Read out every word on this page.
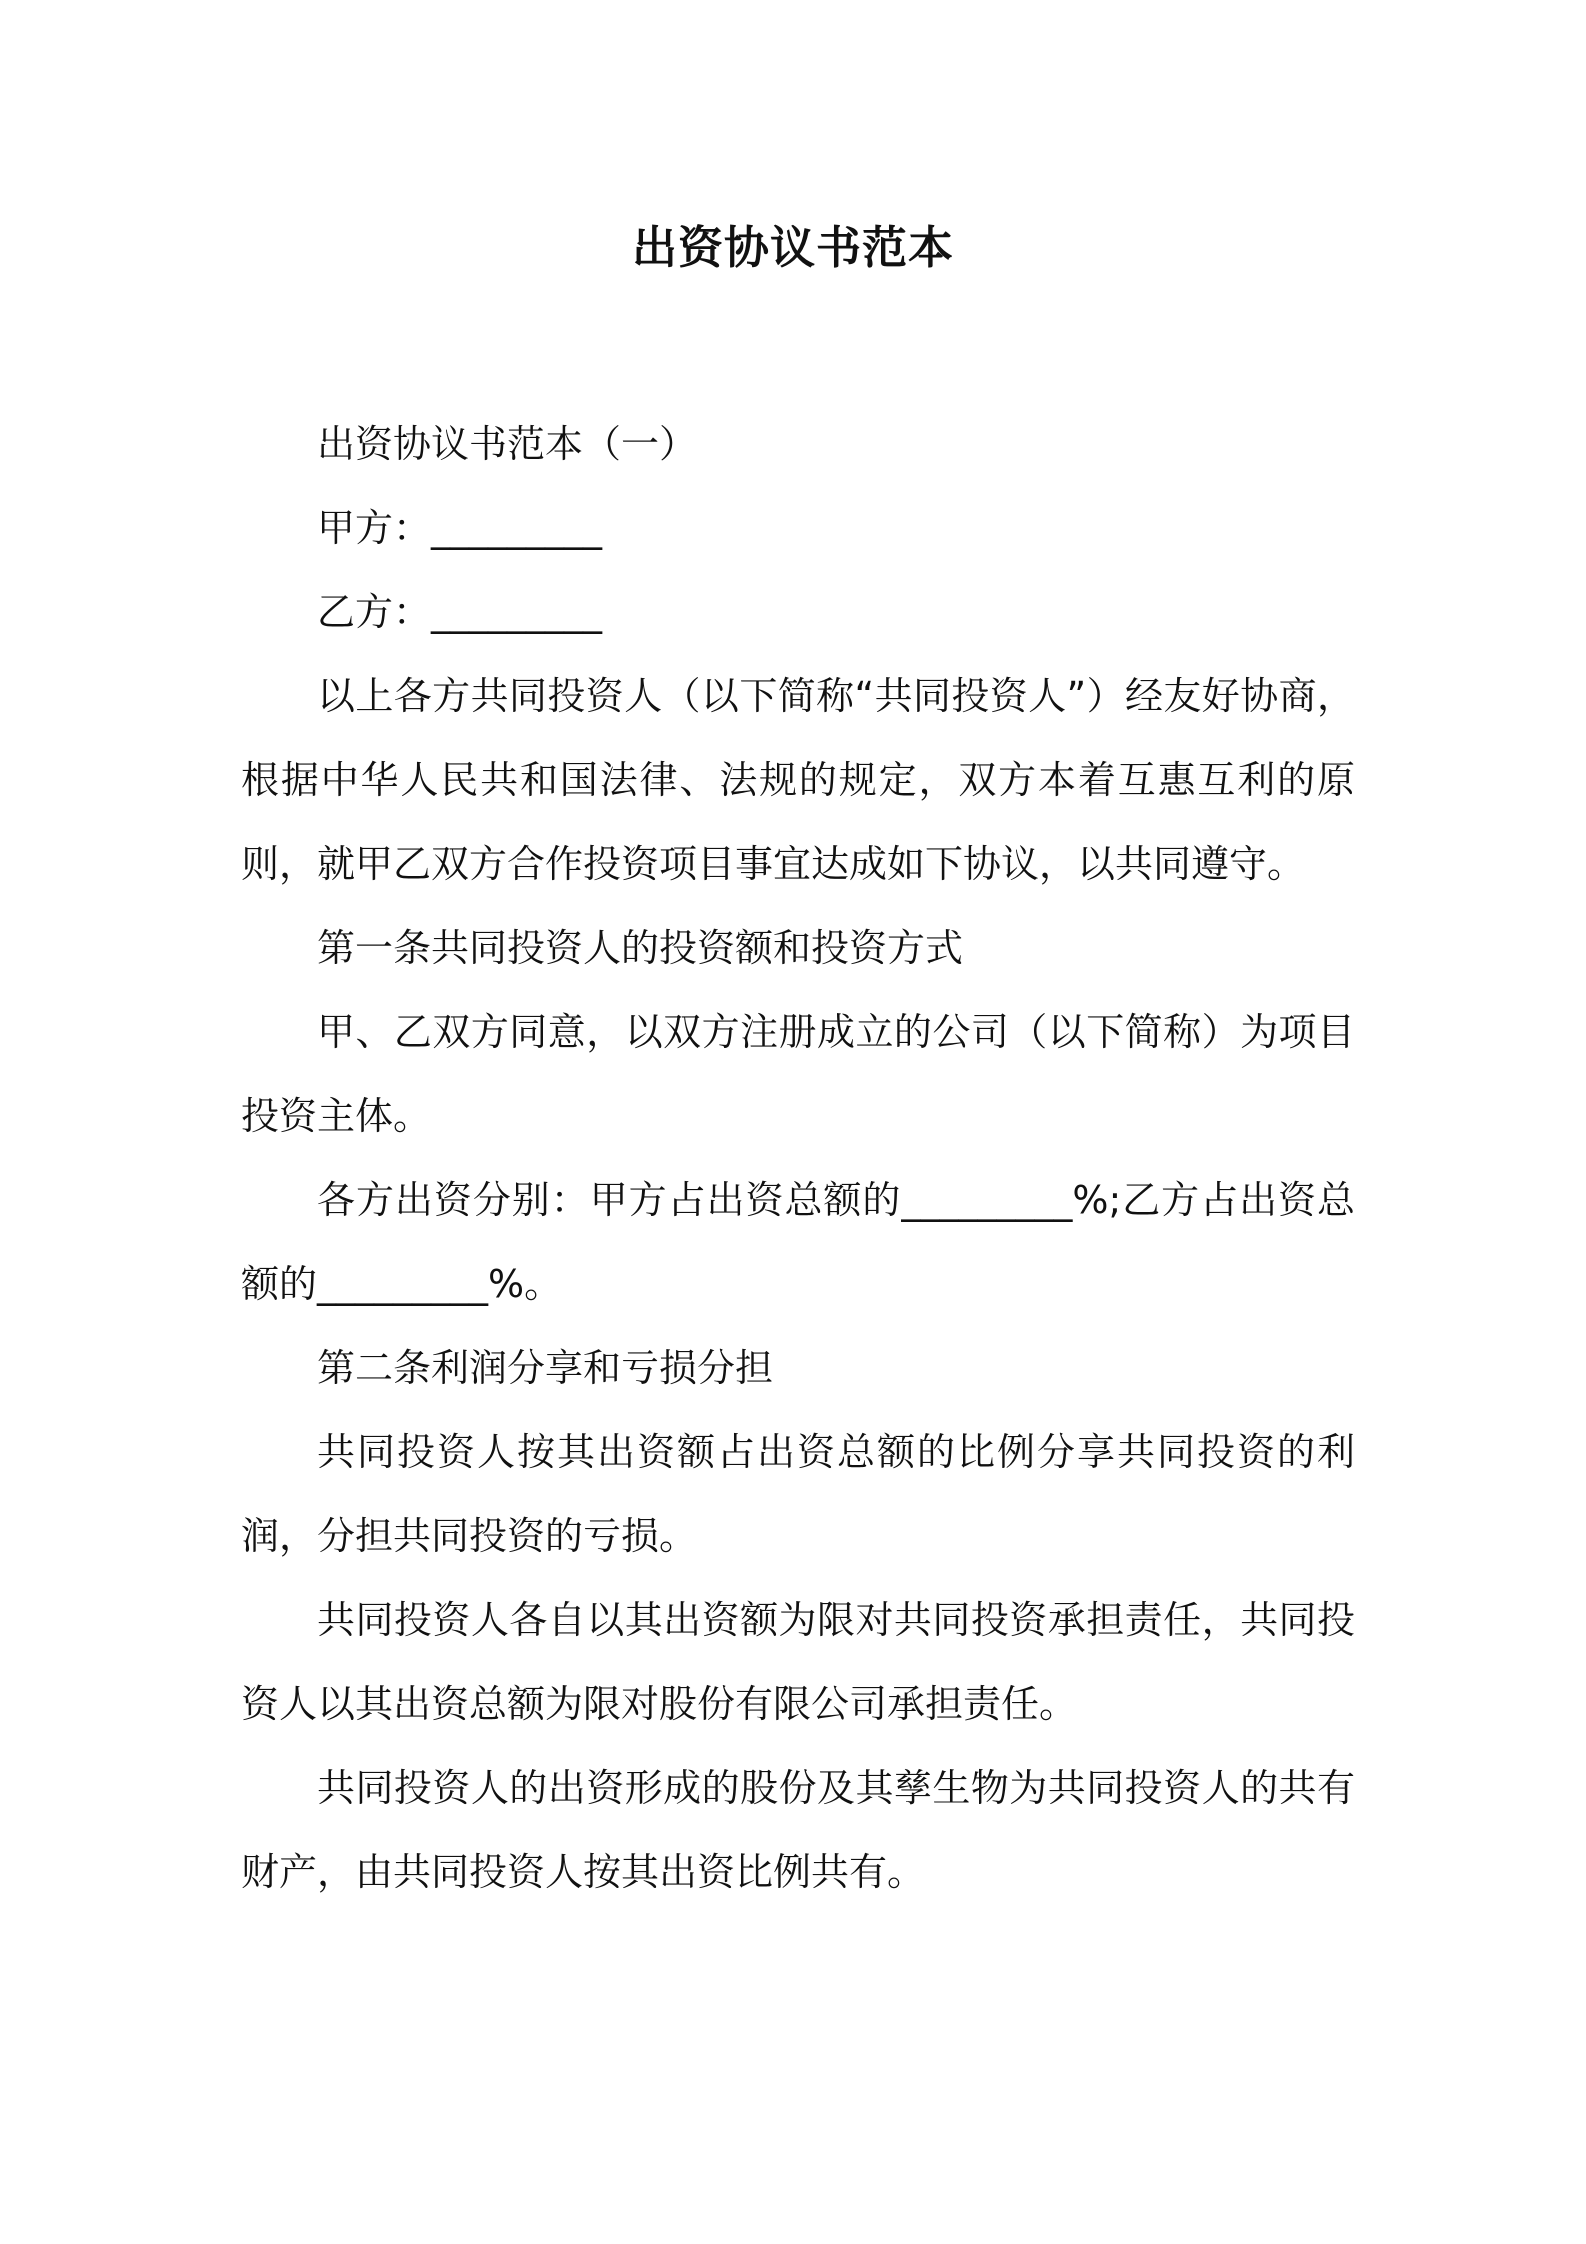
出资协议书范本

出资协议书范本（一）

甲方：_________

乙方：_________

以上各方共同投资人（以下简称“共同投资人”）经友好协商，根据中华人民共和国法律、法规的规定，双方本着互惠互利的原则，就甲乙双方合作投资项目事宜达成如下协议，以共同遵守。

第一条共同投资人的投资额和投资方式

甲、乙双方同意，以双方注册成立的公司（以下简称）为项目投资主体。

各方出资分别：甲方占出资总额的_________%;乙方占出资总额的_________%。

第二条利润分享和亏损分担

共同投资人按其出资额占出资总额的比例分享共同投资的利润，分担共同投资的亏损。

共同投资人各自以其出资额为限对共同投资承担责任，共同投资人以其出资总额为限对股份有限公司承担责任。

共同投资人的出资形成的股份及其孳生物为共同投资人的共有财产，由共同投资人按其出资比例共有。
